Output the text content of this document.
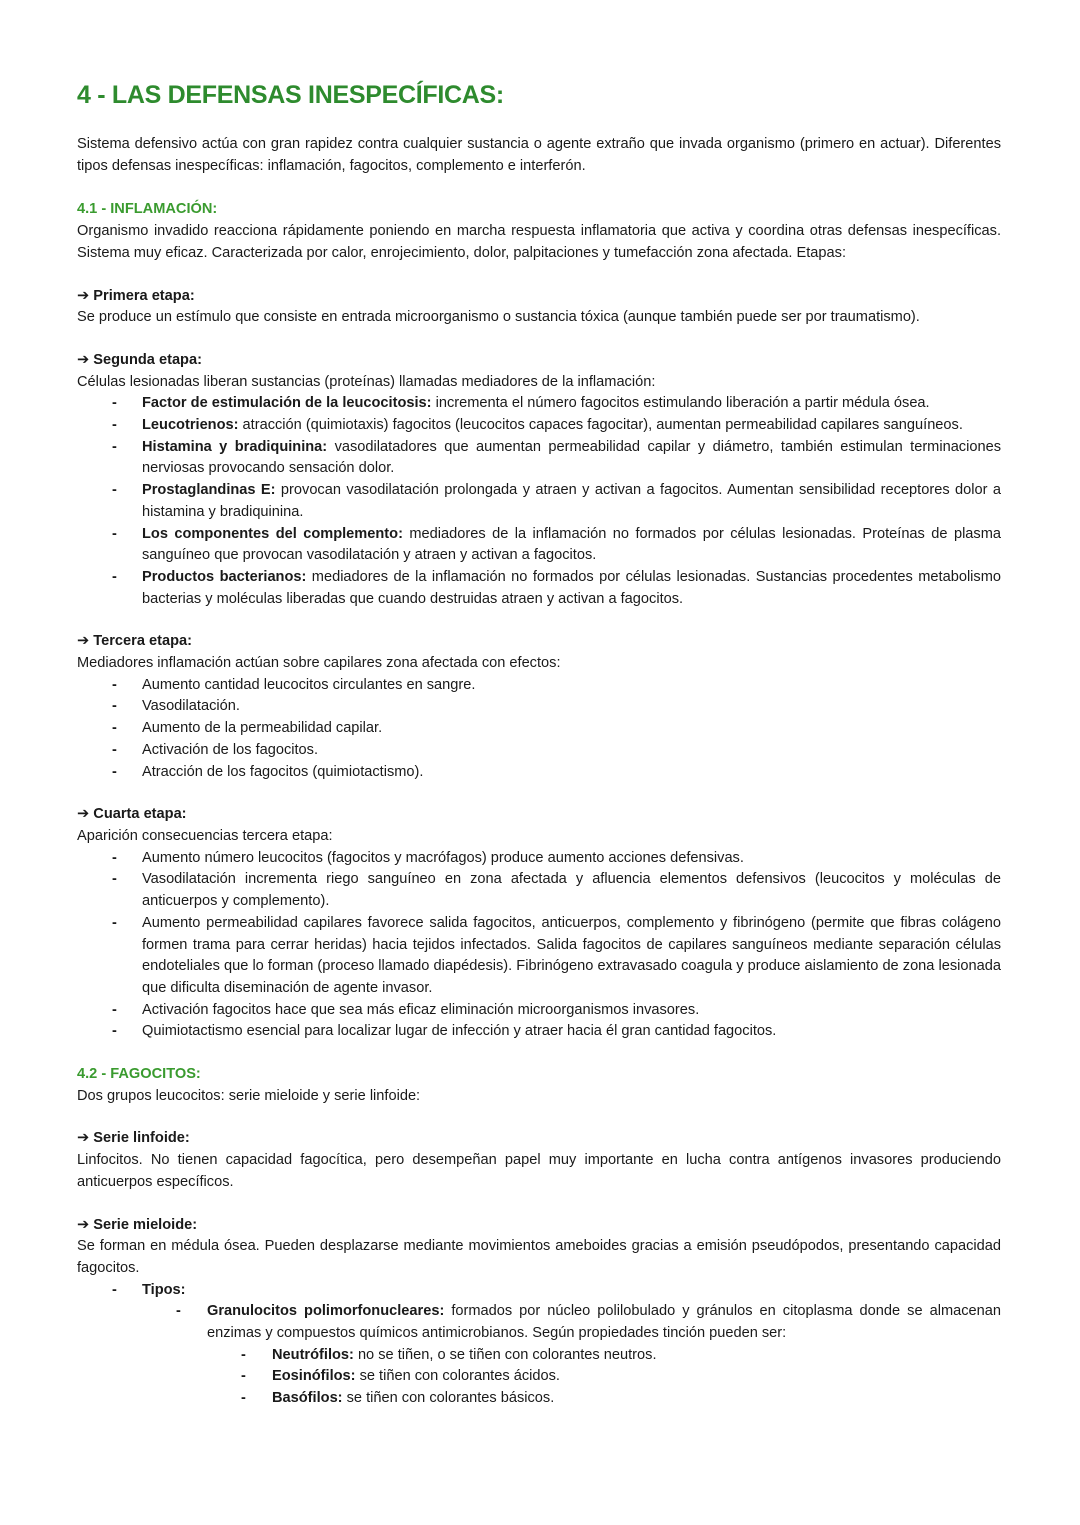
4 - LAS DEFENSAS INESPECÍFICAS:

Sistema defensivo actúa con gran rapidez contra cualquier sustancia o agente extraño que invada organismo (primero en actuar). Diferentes tipos defensas inespecíficas: inflamación, fagocitos, complemento e interferón.

4.1 - INFLAMACIÓN:

Organismo invadido reacciona rápidamente poniendo en marcha respuesta inflamatoria que activa y coordina otras defensas inespecíficas. Sistema muy eficaz. Caracterizada por calor, enrojecimiento, dolor, palpitaciones y tumefacción zona afectada. Etapas:

➔ Primera etapa:

Se produce un estímulo que consiste en entrada microorganismo o sustancia tóxica (aunque también puede ser por traumatismo).

➔ Segunda etapa:

Células lesionadas liberan sustancias (proteínas) llamadas mediadores de la inflamación:

- Factor de estimulación de la leucocitosis: incrementa el número fagocitos estimulando liberación a partir médula ósea.
- Leucotrienos: atracción (quimiotaxis) fagocitos (leucocitos capaces fagocitar), aumentan permeabilidad capilares sanguíneos.
- Histamina y bradiquinina: vasodilatadores que aumentan permeabilidad capilar y diámetro, también estimulan terminaciones nerviosas provocando sensación dolor.
- Prostaglandinas E: provocan vasodilatación prolongada y atraen y activan a fagocitos. Aumentan sensibilidad receptores dolor a histamina y bradiquinina.
- Los componentes del complemento: mediadores de la inflamación no formados por células lesionadas. Proteínas de plasma sanguíneo que provocan vasodilatación y atraen y activan a fagocitos.
- Productos bacterianos: mediadores de la inflamación no formados por células lesionadas. Sustancias procedentes metabolismo bacterias y moléculas liberadas que cuando destruidas atraen y activan a fagocitos.
➔ Tercera etapa:

Mediadores inflamación actúan sobre capilares zona afectada con efectos:

- Aumento cantidad leucocitos circulantes en sangre.
- Vasodilatación.
- Aumento de la permeabilidad capilar.
- Activación de los fagocitos.
- Atracción de los fagocitos (quimiotactismo).
➔ Cuarta etapa:

Aparición consecuencias tercera etapa:

- Aumento número leucocitos (fagocitos y macrófagos) produce aumento acciones defensivas.
- Vasodilatación incrementa riego sanguíneo en zona afectada y afluencia elementos defensivos (leucocitos y moléculas de anticuerpos y complemento).
- Aumento permeabilidad capilares favorece salida fagocitos, anticuerpos, complemento y fibrinógeno (permite que fibras colágeno formen trama para cerrar heridas) hacia tejidos infectados. Salida fagocitos de capilares sanguíneos mediante separación células endoteliales que lo forman (proceso llamado diapédesis). Fibrinógeno extravasado coagula y produce aislamiento de zona lesionada que dificulta diseminación de agente invasor.
- Activación fagocitos hace que sea más eficaz eliminación microorganismos invasores.
- Quimiotactismo esencial para localizar lugar de infección y atraer hacia él gran cantidad fagocitos.
4.2 - FAGOCITOS:

Dos grupos leucocitos: serie mieloide y serie linfoide:

➔ Serie linfoide:

Linfocitos. No tienen capacidad fagocítica, pero desempeñan papel muy importante en lucha contra antígenos invasores produciendo anticuerpos específicos.

➔ Serie mieloide:

Se forman en médula ósea. Pueden desplazarse mediante movimientos ameboides gracias a emisión pseudópodos, presentando capacidad fagocitos.

- Tipos:
- Granulocitos polimorfonucleares: formados por núcleo polilobulado y gránulos en citoplasma donde se almacenan enzimas y compuestos químicos antimicrobianos. Según propiedades tinción pueden ser:
- Neutrófilos: no se tiñen, o se tiñen con colorantes neutros.
- Eosinófilos: se tiñen con colorantes ácidos.
- Basófilos: se tiñen con colorantes básicos.
